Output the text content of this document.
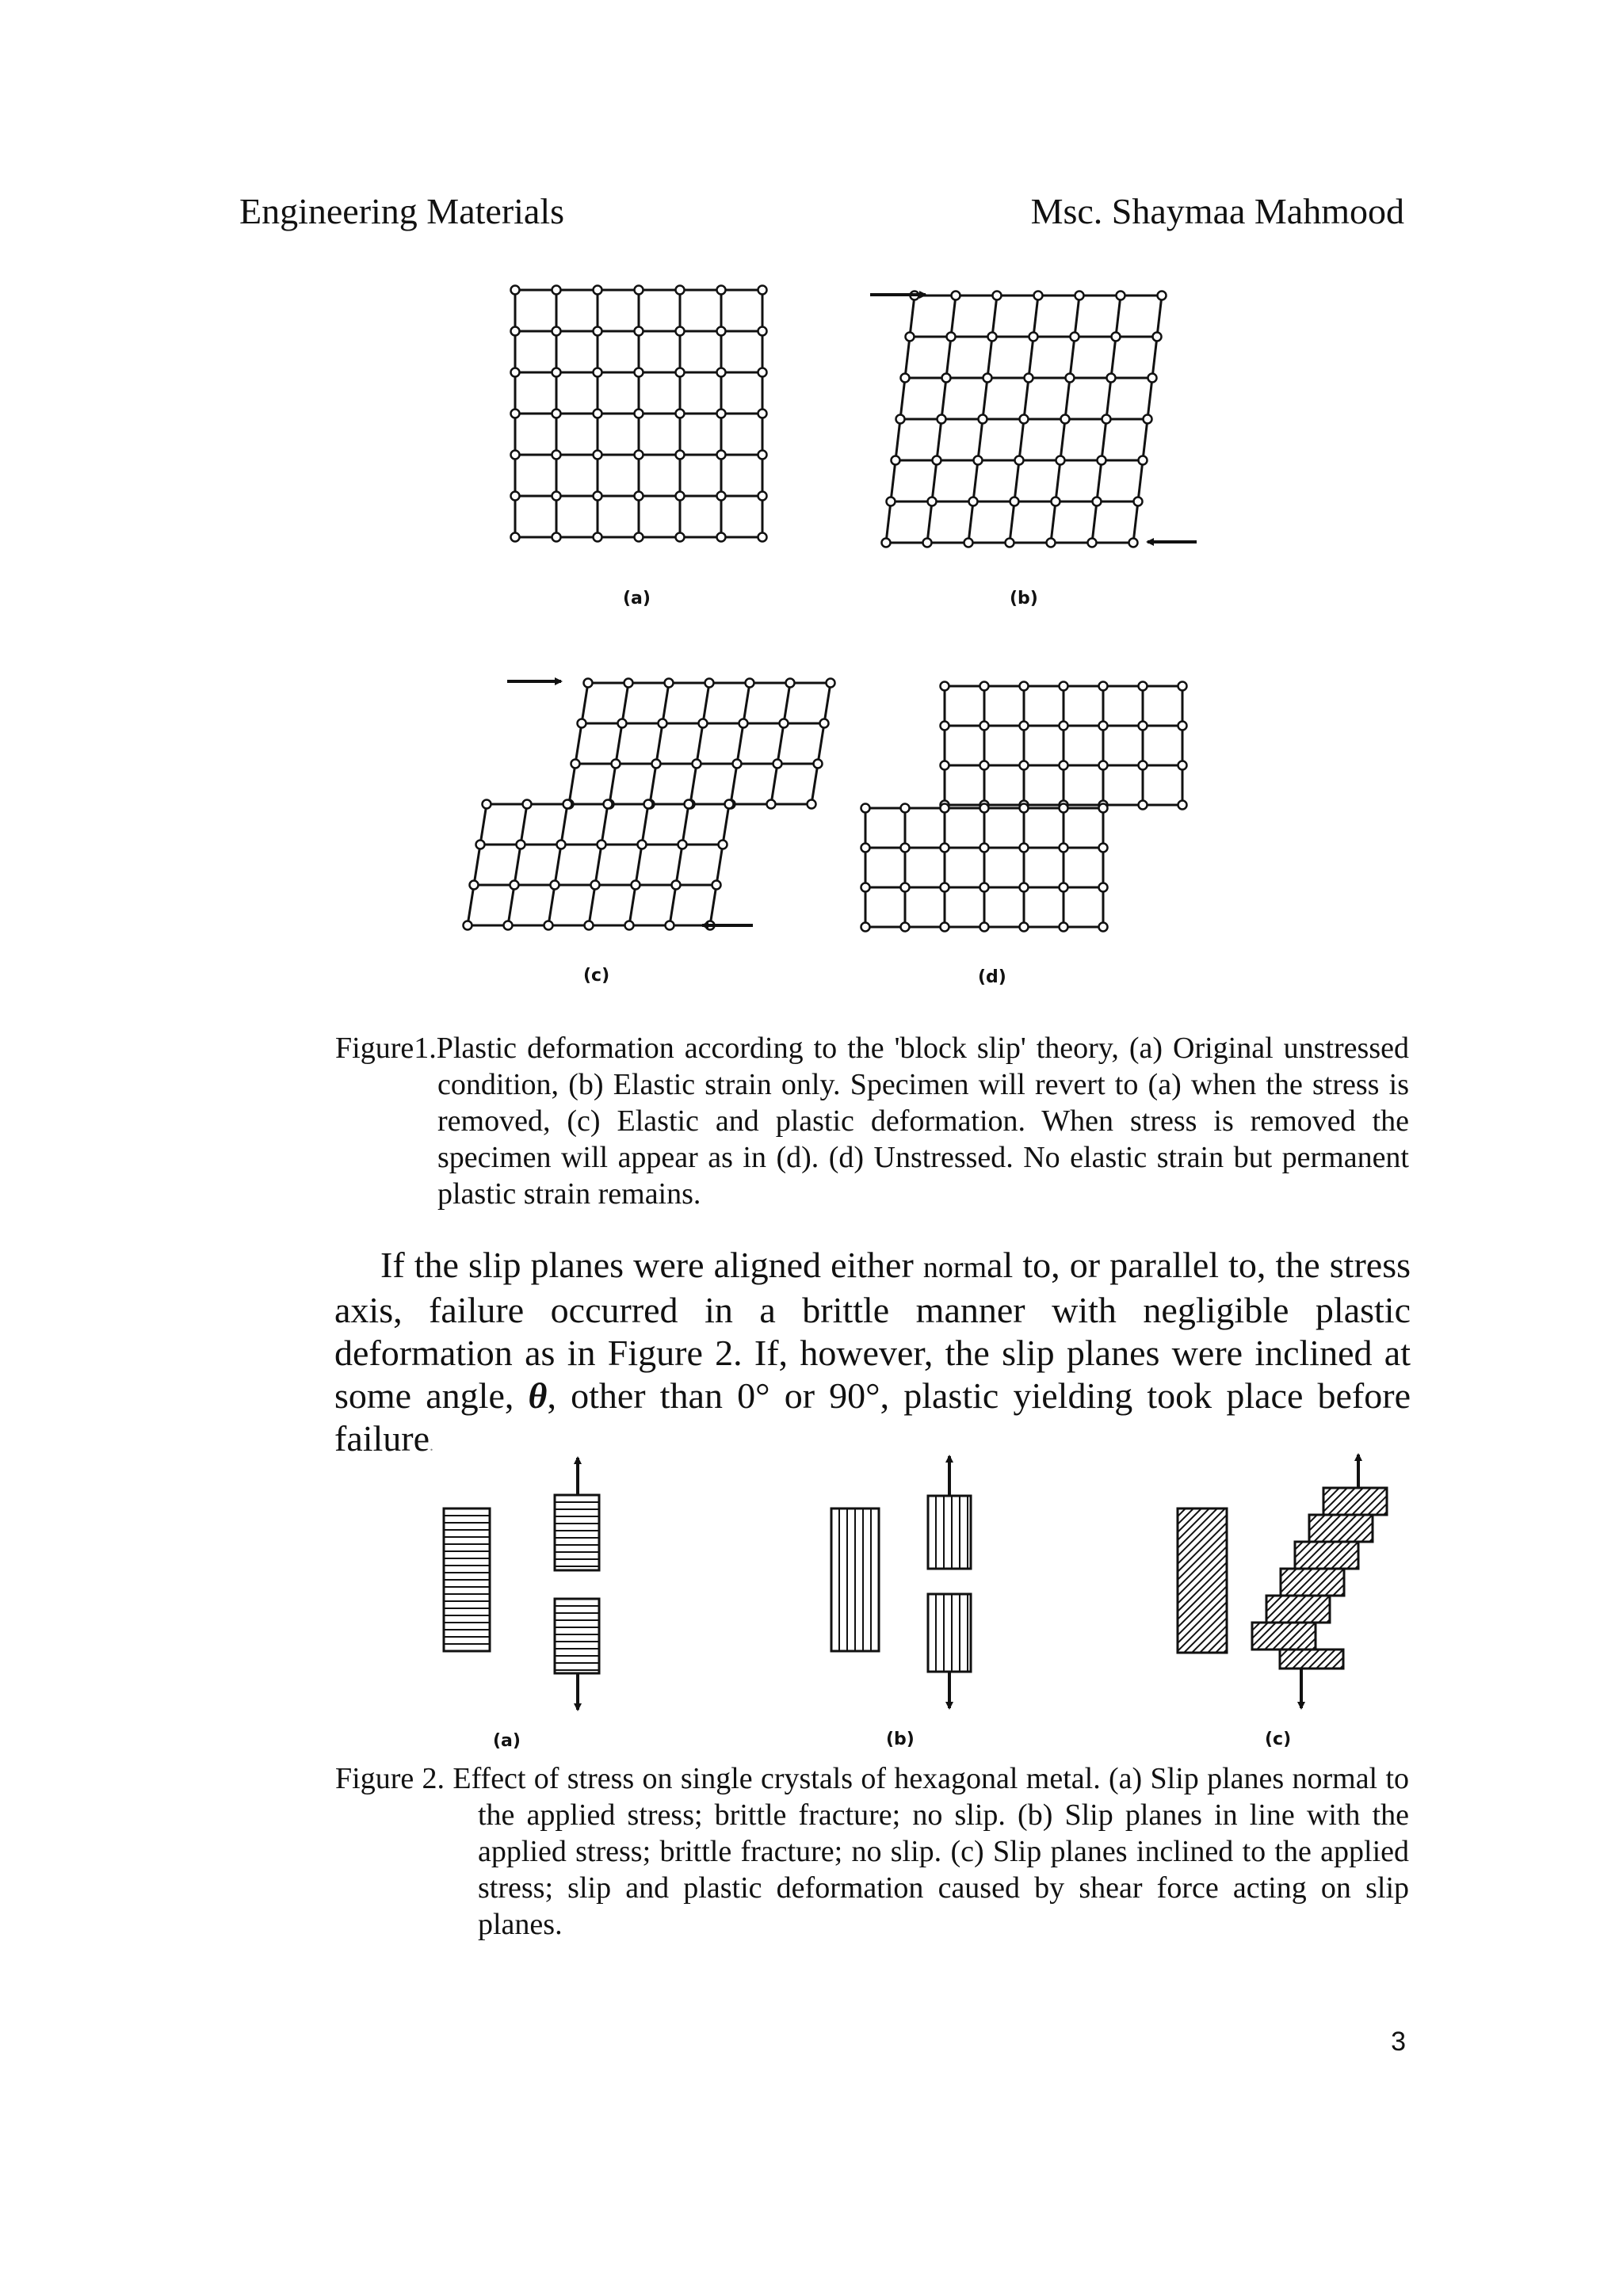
Engineering Materials	Msc. Shaymaa Mahmood
(a)	(b)
(c)	(d)
(a)	(b)	(c)
Figure1.Plastic deformation according to the 'block slip' theory, (a) Original unstressed condition, (b) Elastic strain only. Specimen will revert to (a) when the stress is removed, (c) Elastic and plastic deformation. When stress is removed the specimen will appear as in (d). (d) Unstressed. No elastic strain but permanent plastic strain remains.
If the slip planes were aligned either normal to, or parallel to, the stress axis, failure occurred in a brittle manner with negligible plastic deformation as in Figure 2. If, however, the slip planes were inclined at some angle, θ, other than 0° or 90°, plastic yielding took place before failure.
Figure 2. Effect of stress on single crystals of hexagonal metal. (a) Slip planes normal to the applied stress; brittle fracture; no slip. (b) Slip planes in line with the applied stress; brittle fracture; no slip. (c) Slip planes inclined to the applied stress; slip and plastic deformation caused by shear force acting on slip planes.
3
